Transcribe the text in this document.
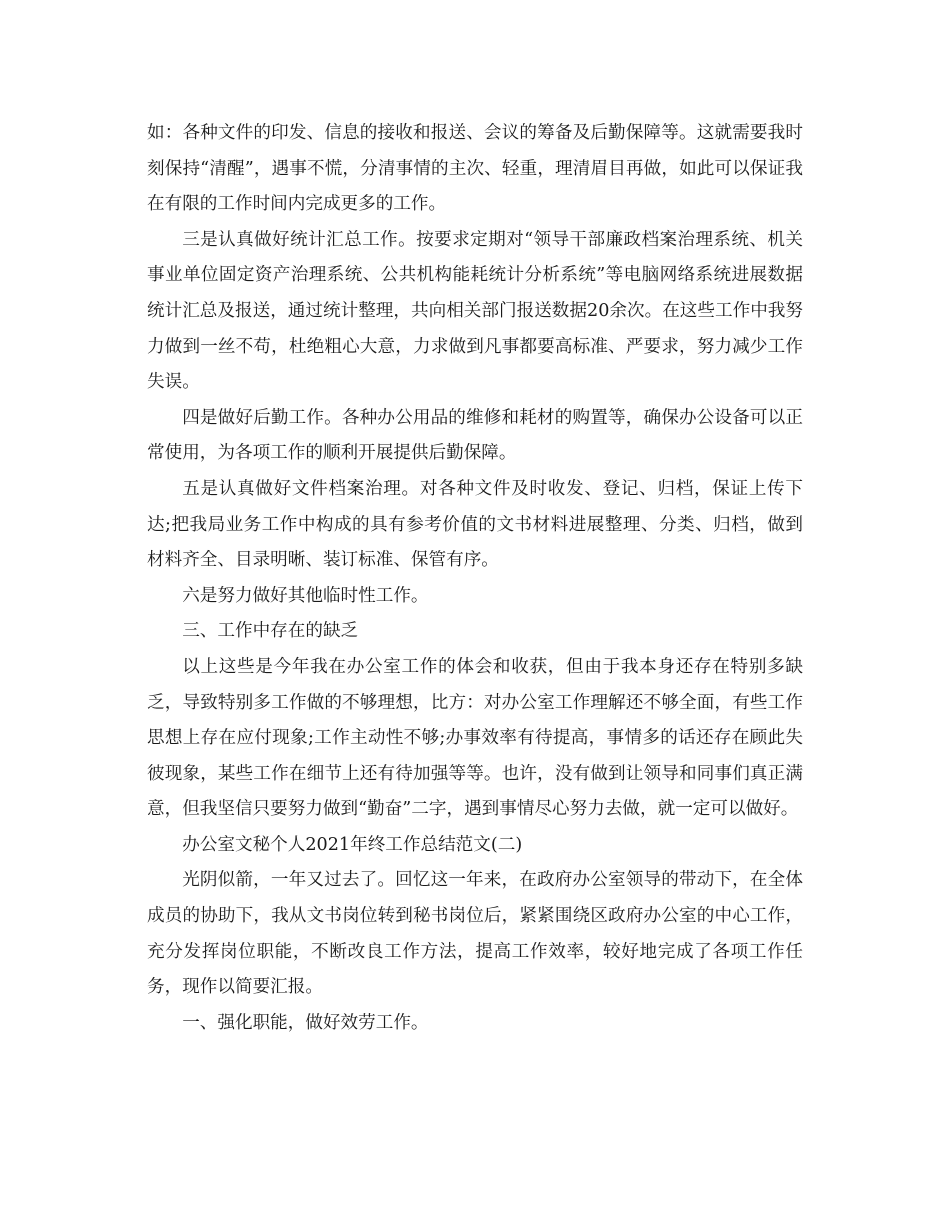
如：各种文件的印发、信息的接收和报送、会议的筹备及后勤保障等。这就需要我时刻保持“清醒”，遇事不慌，分清事情的主次、轻重，理清眉目再做，如此可以保证我在有限的工作时间内完成更多的工作。

三是认真做好统计汇总工作。按要求定期对“领导干部廉政档案治理系统、机关事业单位固定资产治理系统、公共机构能耗统计分析系统”等电脑网络系统进展数据统计汇总及报送，通过统计整理，共向相关部门报送数据20余次。在这些工作中我努力做到一丝不苟，杜绝粗心大意，力求做到凡事都要高标准、严要求，努力减少工作失误。

四是做好后勤工作。各种办公用品的维修和耗材的购置等，确保办公设备可以正常使用，为各项工作的顺利开展提供后勤保障。

五是认真做好文件档案治理。对各种文件及时收发、登记、归档，保证上传下达;把我局业务工作中构成的具有参考价值的文书材料进展整理、分类、归档，做到材料齐全、目录明晰、装订标准、保管有序。

六是努力做好其他临时性工作。

三、工作中存在的缺乏

以上这些是今年我在办公室工作的体会和收获，但由于我本身还存在特别多缺乏，导致特别多工作做的不够理想，比方：对办公室工作理解还不够全面，有些工作思想上存在应付现象;工作主动性不够;办事效率有待提高，事情多的话还存在顾此失彼现象，某些工作在细节上还有待加强等等。也许，没有做到让领导和同事们真正满意，但我坚信只要努力做到“勤奋”二字，遇到事情尽心努力去做，就一定可以做好。

办公室文秘个人2021年终工作总结范文(二)

光阴似箭，一年又过去了。回忆这一年来，在政府办公室领导的带动下，在全体成员的协助下，我从文书岗位转到秘书岗位后，紧紧围绕区政府办公室的中心工作，充分发挥岗位职能，不断改良工作方法，提高工作效率，较好地完成了各项工作任务，现作以简要汇报。

一、强化职能，做好效劳工作。
